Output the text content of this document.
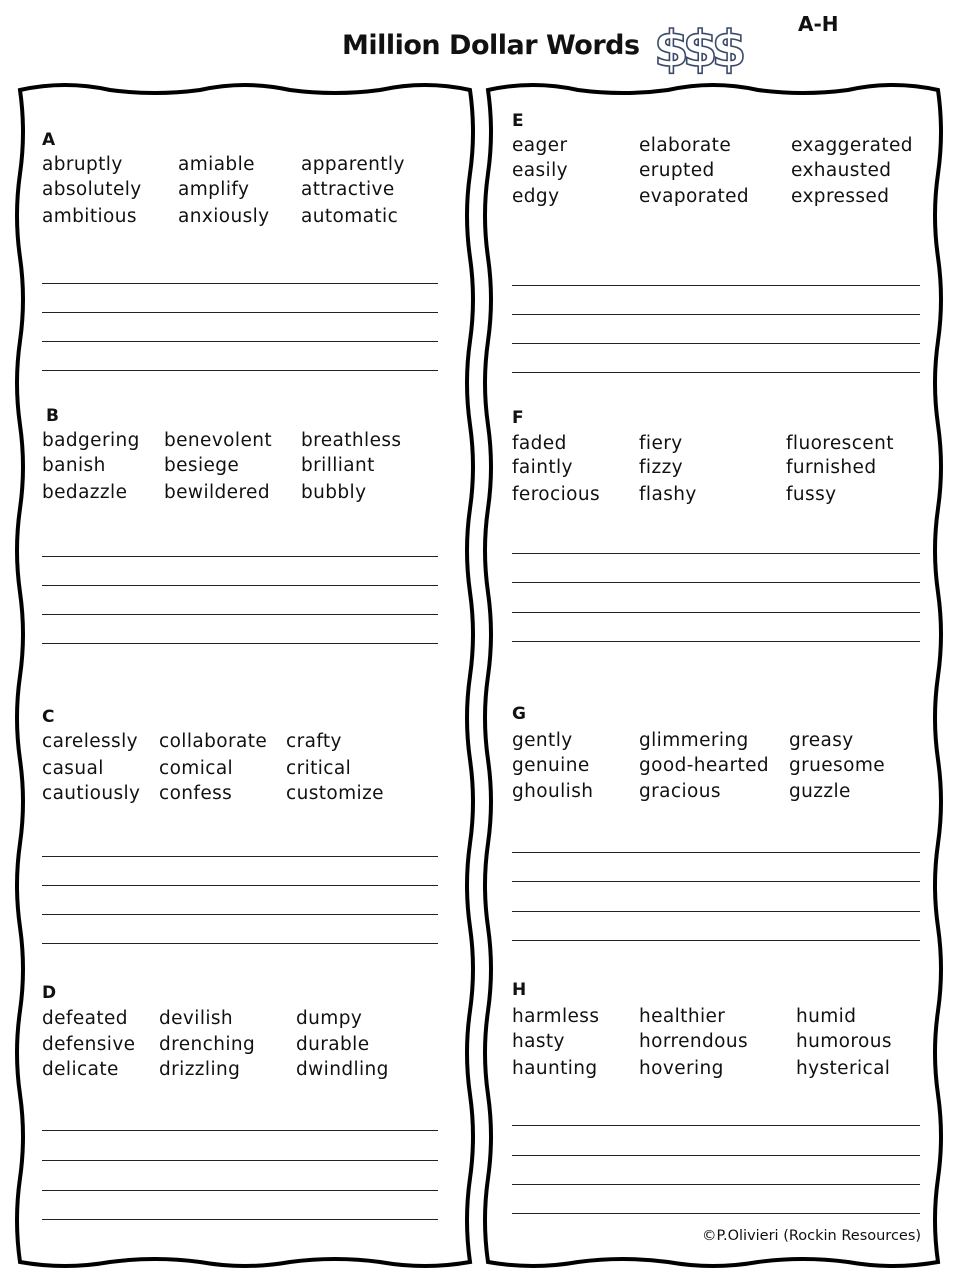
Million Dollar Words $$$	A-H
A
abruptly	amiable apparently
absolutely amplify	attractive
ambitious anxiously automatic
B
badgering benevolent breathless
banish	besiege	brilliant
bedazzle bewildered bubbly
C
carelessly collaborate crafty
casual	comical	critical
cautiously confess	customize
D
defeated devilish	dumpy
defensive drenching durable
delicate drizzling	dwindling
E
eager	elaborate	exaggerated
easily	erupted	exhausted
edgy	evaporated expressed
F
faded	fiery	fluorescent
faintly	fizzy	furnished
ferocious flashy	fussy
G
gently	glimmering greasy
genuine	good-hearted gruesome
ghoulish gracious	guzzle
H
harmless healthier	humid
hasty	horrendous	humorous
haunting hovering	hysterical
©P.Olivieri (Rockin Resources)
